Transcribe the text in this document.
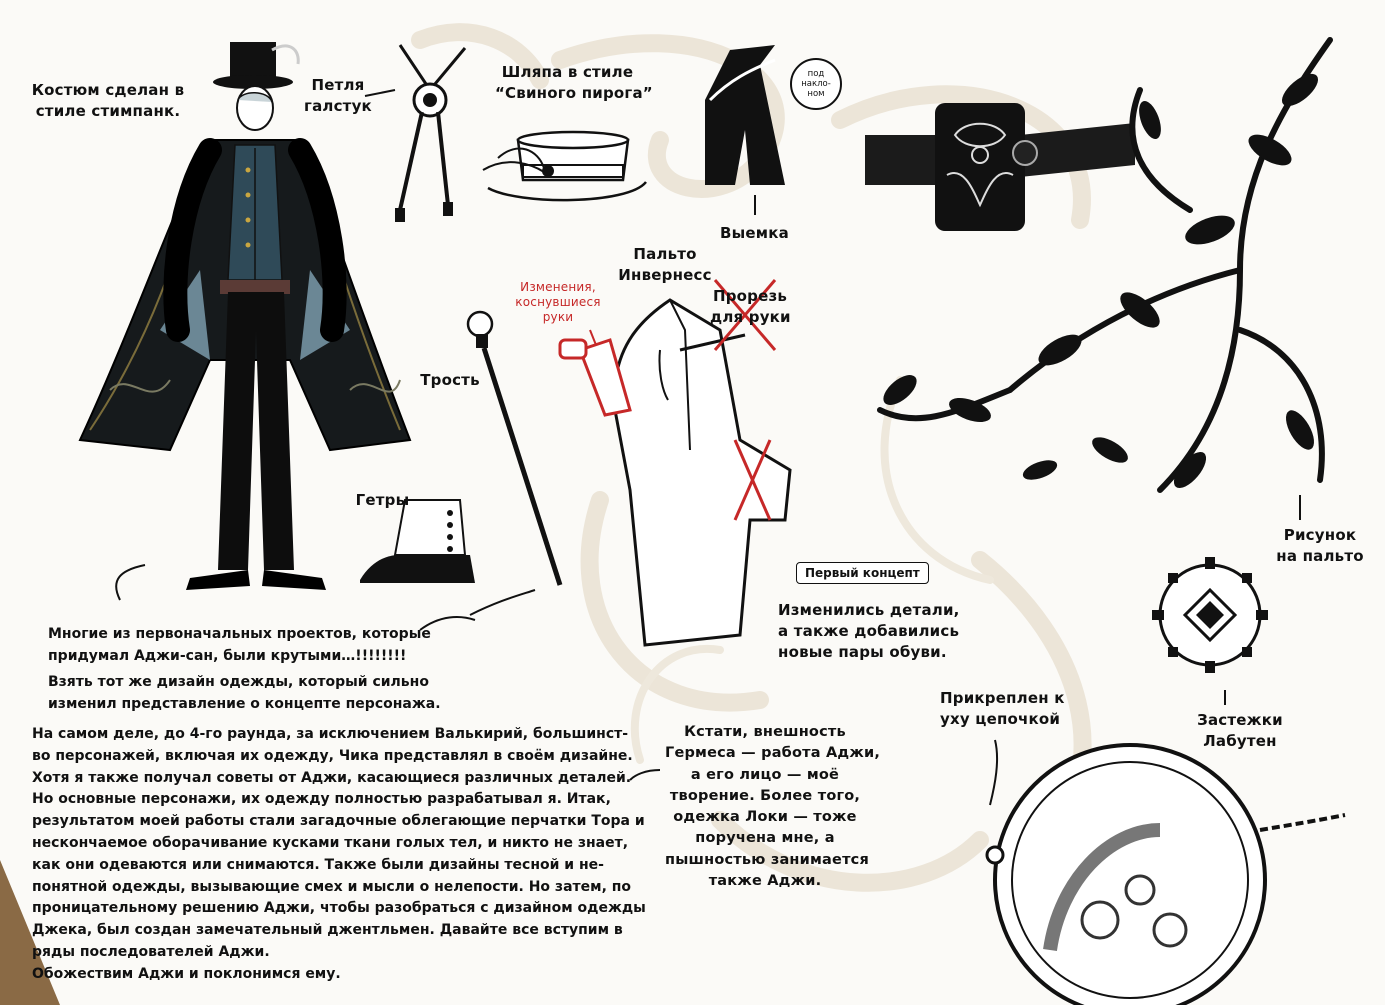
Костюм сделан в
стиле стимпанк.
Петля
галстук
Шляпа в стиле
“Свиного пирога”
под
накло-
ном
Выемка
Пальто
Инвернесс
Изменения,
коснувшиеся
руки
Прорезь
для руки
Трость
Гетры
Первый концепт
Изменились детали,
а также добавились
новые пары обуви.
Рисунок
на пальто
Застежки
Лабутен
Прикреплен к
уху цепочкой
Многие из первоначальных проектов, которые
придумал Аджи-сан, были крутыми…!!!!!!!!
Взять тот же дизайн одежды, который сильно
изменил представление о концепте персонажа.
На самом деле, до 4-го раунда, за исключением Валькирий, большинст-
во персонажей, включая их одежду, Чика представлял в своём дизайне.
Хотя я также получал советы от Аджи, касающиеся различных деталей.
Но основные персонажи, их одежду полностью разрабатывал я. Итак,
результатом моей работы стали загадочные облегающие перчатки Тора и
нескончаемое оборачивание кусками ткани голых тел, и никто не знает,
как они одеваются или снимаются. Также были дизайны тесной и не-
понятной одежды, вызывающие смех и мысли о нелепости. Но затем, по
проницательному решению Аджи, чтобы разобраться с дизайном одежды
Джека, был создан замечательный джентльмен. Давайте все вступим в
ряды последователей Аджи.
Обожествим Аджи и поклонимся ему.
Кстати, внешность
Гермеса — работа Аджи,
а его лицо — моё
творение. Более того,
одежка Локи — тоже
поручена мне, а
пышностью занимается
также Аджи.
